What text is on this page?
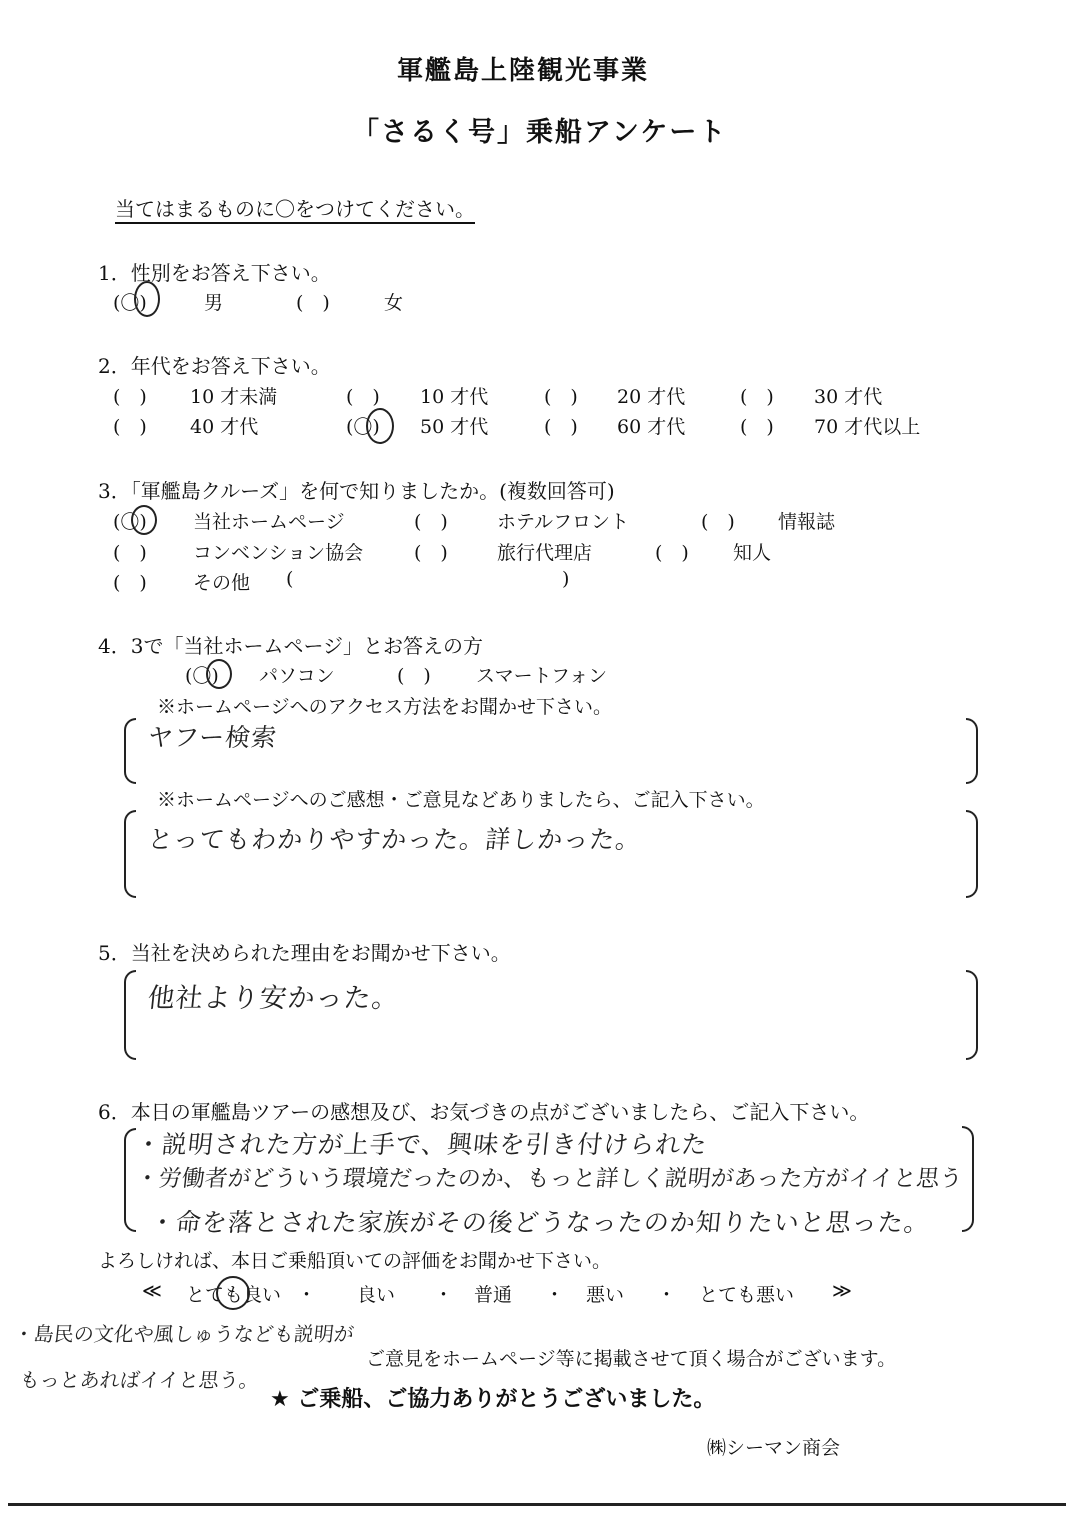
軍艦島上陸観光事業
「さるく号」乗船アンケート
当てはまるものに〇をつけてください。
1．性別をお答え下さい。
(〇)	男	(　)	女
2．年代をお答え下さい。
(　) 10 才未満	(　) 10 才代	(　) 20 才代	(　) 30 才代
(　) 40 才代	(〇) 50 才代	(　) 60 才代	(　) 70 才代以上
3．「軍艦島クルーズ」を何で知りましたか。(複数回答可)
(〇) 当社ホームページ	(　)	ホテルフロント	(　) 情報誌
(　) コンベンション協会	(　)	旅行代理店	(　) 知人
(　) その他 (	)
4．3で「当社ホームページ」とお答えの方
(〇) パソコン	(　) スマートフォン
※ホームページへのアクセス方法をお聞かせ下さい。
ヤフー検索
※ホームページへのご感想・ご意見などありましたら、ご記入下さい。
とってもわかりやすかった。詳しかった。
5．当社を決められた理由をお聞かせ下さい。
他社より安かった。
6．本日の軍艦島ツアーの感想及び、お気づきの点がございましたら、ご記入下さい。
・説明された方が上手で、興味を引き付けられた
・労働者がどういう環境だったのか、もっと詳しく説明があった方がイイと思う
・命を落とされた家族がその後どうなったのか知りたいと思った。
よろしければ、本日ご乗船頂いての評価をお聞かせ下さい。
≪ とても良い ・ 良い ・ 普通 ・ 悪い ・ とても悪い ≫
・島民の文化や風しゅうなども説明が
もっとあればイイと思う。
ご意見をホームページ等に掲載させて頂く場合がございます。
★ ご乗船、ご協力ありがとうございました。
㈱シーマン商会
